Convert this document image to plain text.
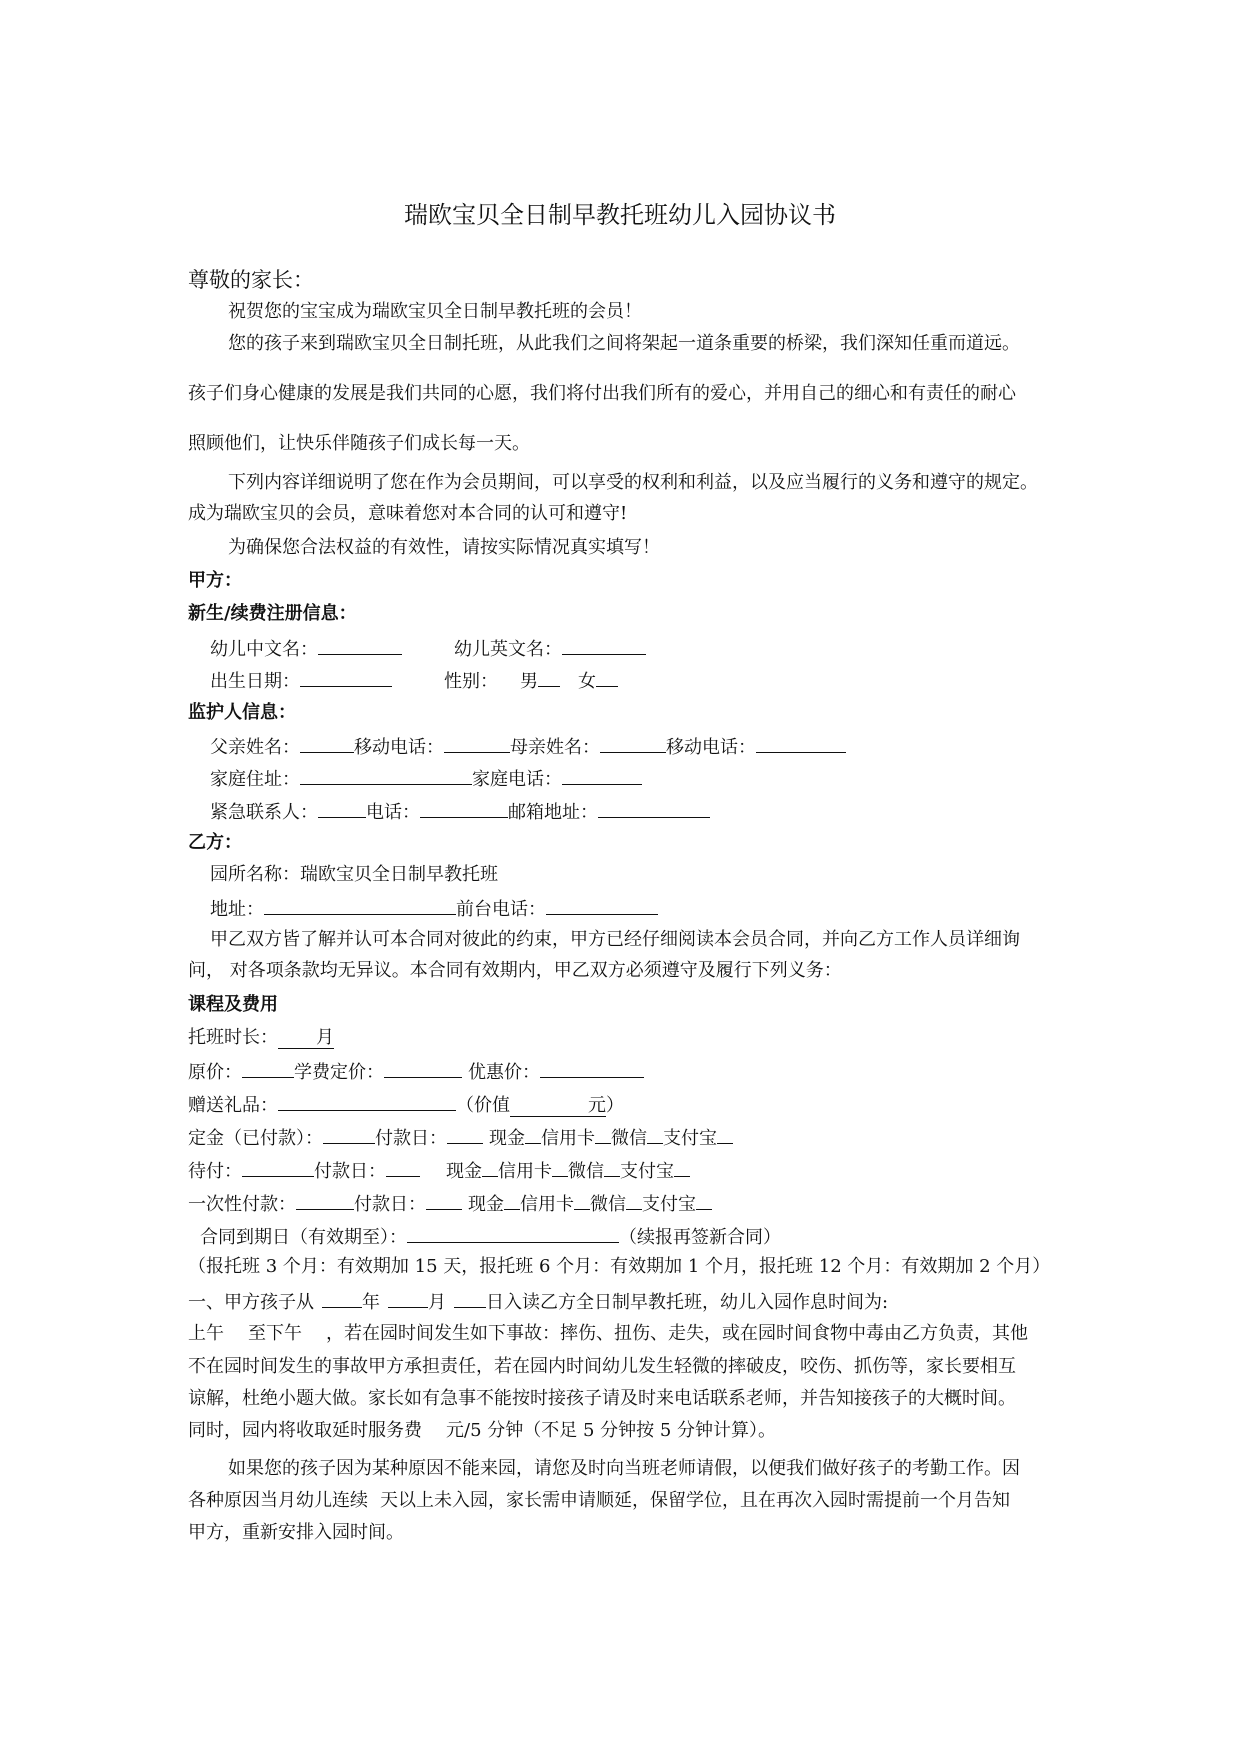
瑞欧宝贝全日制早教托班幼儿入园协议书
尊敬的家长：
祝贺您的宝宝成为瑞欧宝贝全日制早教托班的会员！
您的孩子来到瑞欧宝贝全日制托班，从此我们之间将架起一道条重要的桥梁，我们深知任重而道远。
孩子们身心健康的发展是我们共同的心愿，我们将付出我们所有的爱心，并用自己的细心和有责任的耐心
照顾他们，让快乐伴随孩子们成长每一天。
下列内容详细说明了您在作为会员期间，可以享受的权利和利益，以及应当履行的义务和遵守的规定。
成为瑞欧宝贝的会员，意味着您对本合同的认可和遵守!
为确保您合法权益的有效性，请按实际情况真实填写！
甲方：
新生/续费注册信息：
幼儿中文名：	幼儿英文名：
出生日期：	性别： 男 女
监护人信息：
父亲姓名：	移动电话：	母亲姓名：	移动电话：
家庭住址：	家庭电话：
紧急联系人：	电话：	邮箱地址：
乙方：
园所名称：瑞欧宝贝全日制早教托班
地址：	前台电话：
甲乙双方皆了解并认可本合同对彼此的约束，甲方已经仔细阅读本会员合同，并向乙方工作人员详细询
问， 对各项条款均无异议。本合同有效期内，甲乙双方必须遵守及履行下列义务：
课程及费用
托班时长： 月
原价：	学费定价：	优惠价：
赠送礼品：	（价值	元）
定金（已付款）：	付款日： 现金 信用卡 微信 支付宝
待付：	付款日：	现金 信用卡 微信 支付宝
一次性付款：	付款日： 现金 信用卡 微信 支付宝
合同到期日（有效期至）：	（续报再签新合同）
（报托班 3 个月：有效期加 15 天，报托班 6 个月：有效期加 1 个月，报托班 12 个月：有效期加 2 个月）
一、甲方孩子从	年	月 日入读乙方全日制早教托班，幼儿入园作息时间为:
上午 至下午 ，若在园时间发生如下事故：摔伤、扭伤、走失，或在园时间食物中毒由乙方负责，其他
不在园时间发生的事故甲方承担责任，若在园内时间幼儿发生轻微的摔破皮，咬伤、抓伤等，家长要相互
谅解，杜绝小题大做。家长如有急事不能按时接孩子请及时来电话联系老师，并告知接孩子的大概时间。
同时，园内将收取延时服务费 元/5 分钟（不足 5 分钟按 5 分钟计算）。
如果您的孩子因为某种原因不能来园，请您及时向当班老师请假，以便我们做好孩子的考勤工作。因
各种原因当月幼儿连续 天以上未入园，家长需申请顺延，保留学位，且在再次入园时需提前一个月告知
甲方，重新安排入园时间。
